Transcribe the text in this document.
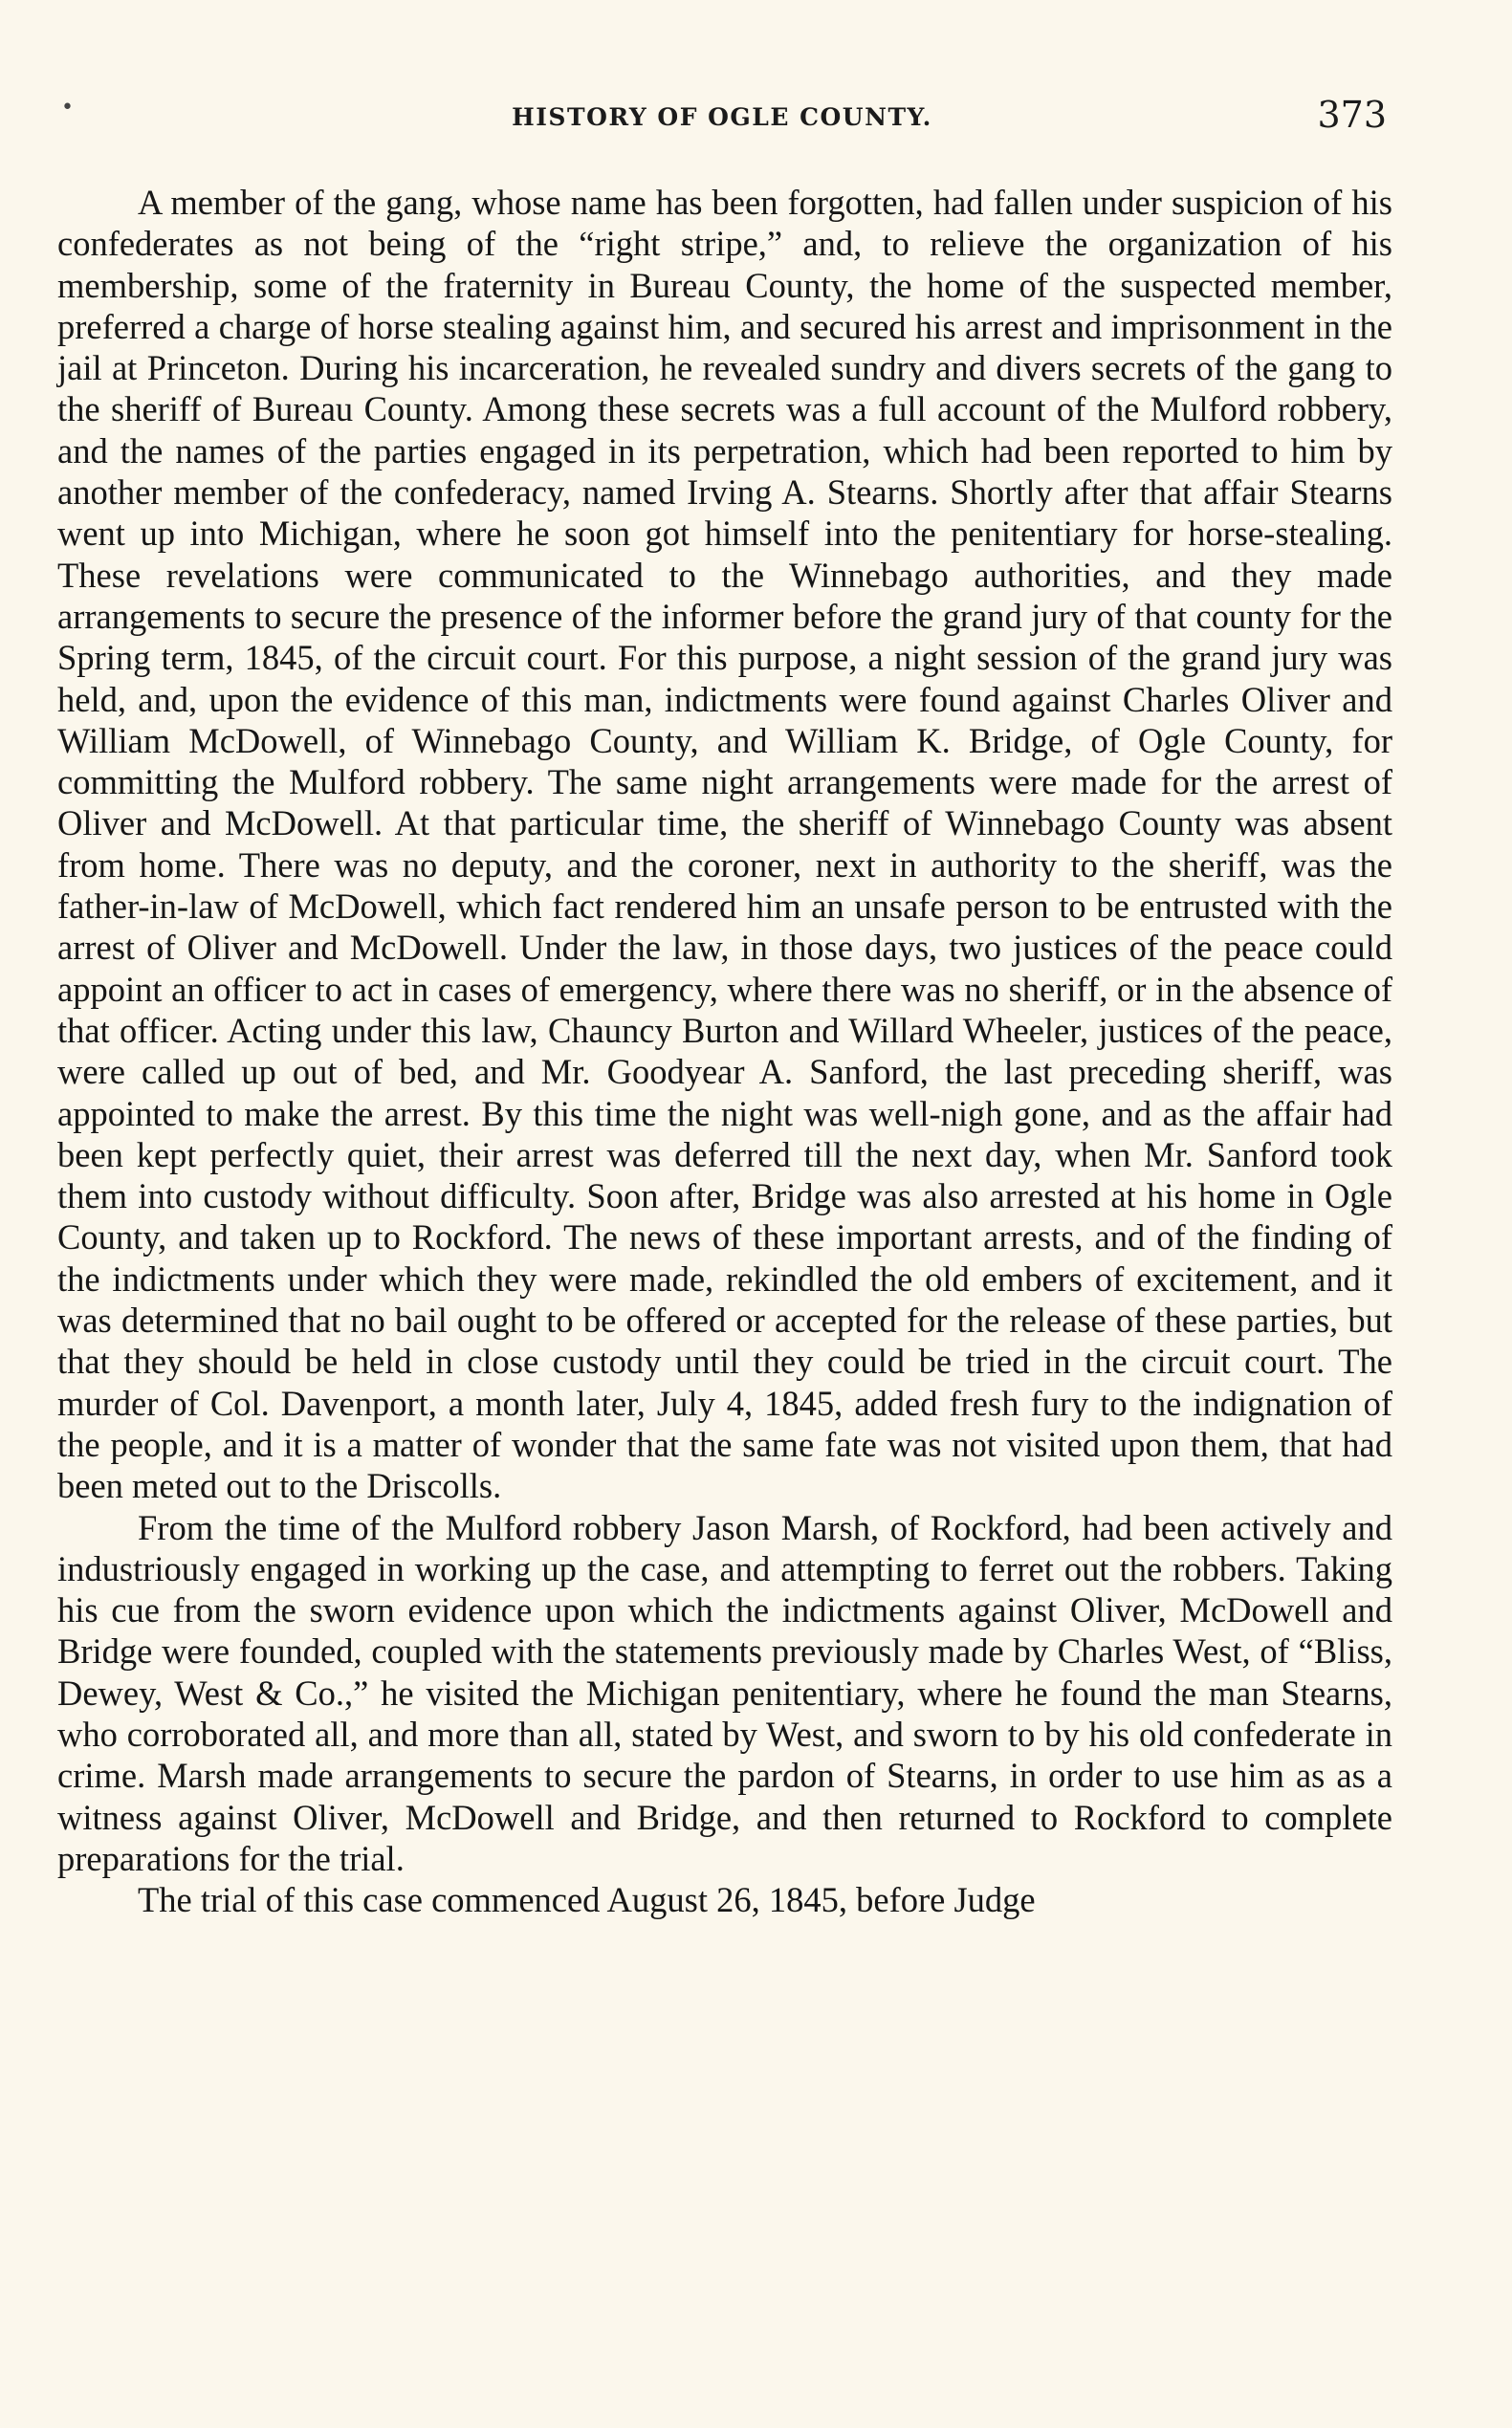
•	HISTORY OF OGLE COUNTY.	373

A member of the gang, whose name has been forgotten, had fallen under suspicion of his confederates as not being of the “right stripe,” and, to relieve the organization of his membership, some of the fraternity in Bureau County, the home of the suspected member, preferred a charge of horse stealing against him, and secured his arrest and imprisonment in the jail at Princeton. During his incarceration, he revealed sundry and divers secrets of the gang to the sheriff of Bureau County. Among these secrets was a full account of the Mulford robbery, and the names of the parties engaged in its perpetration, which had been reported to him by another member of the confederacy, named Irving A. Stearns. Shortly after that affair Stearns went up into Michigan, where he soon got himself into the penitentiary for horse-stealing. These revelations were communicated to the Winnebago authorities, and they made arrangements to secure the presence of the informer before the grand jury of that county for the Spring term, 1845, of the circuit court. For this purpose, a night session of the grand jury was held, and, upon the evidence of this man, indictments were found against Charles Oliver and William McDowell, of Winnebago County, and William K. Bridge, of Ogle County, for committing the Mulford robbery. The same night arrangements were made for the arrest of Oliver and McDowell. At that particular time, the sheriff of Winnebago County was absent from home. There was no deputy, and the coroner, next in authority to the sheriff, was the father-in-law of McDowell, which fact rendered him an unsafe person to be entrusted with the arrest of Oliver and McDowell. Under the law, in those days, two justices of the peace could appoint an officer to act in cases of emergency, where there was no sheriff, or in the absence of that officer. Acting under this law, Chauncy Burton and Willard Wheeler, justices of the peace, were called up out of bed, and Mr. Goodyear A. Sanford, the last preceding sheriff, was appointed to make the arrest. By this time the night was well-nigh gone, and as the affair had been kept perfectly quiet, their arrest was deferred till the next day, when Mr. Sanford took them into custody without difficulty. Soon after, Bridge was also arrested at his home in Ogle County, and taken up to Rockford. The news of these important arrests, and of the finding of the indictments under which they were made, rekindled the old embers of excitement, and it was determined that no bail ought to be offered or accepted for the release of these parties, but that they should be held in close custody until they could be tried in the circuit court. The murder of Col. Davenport, a month later, July 4, 1845, added fresh fury to the indignation of the people, and it is a matter of wonder that the same fate was not visited upon them, that had been meted out to the Driscolls.

From the time of the Mulford robbery Jason Marsh, of Rockford, had been actively and industriously engaged in working up the case, and attempting to ferret out the robbers. Taking his cue from the sworn evidence upon which the indictments against Oliver, McDowell and Bridge were founded, coupled with the statements previously made by Charles West, of “Bliss, Dewey, West & Co.,” he visited the Michigan penitentiary, where he found the man Stearns, who corroborated all, and more than all, stated by West, and sworn to by his old confederate in crime. Marsh made arrangements to secure the pardon of Stearns, in order to use him as as a witness against Oliver, McDowell and Bridge, and then returned to Rockford to complete preparations for the trial.

The trial of this case commenced August 26, 1845, before Judge
